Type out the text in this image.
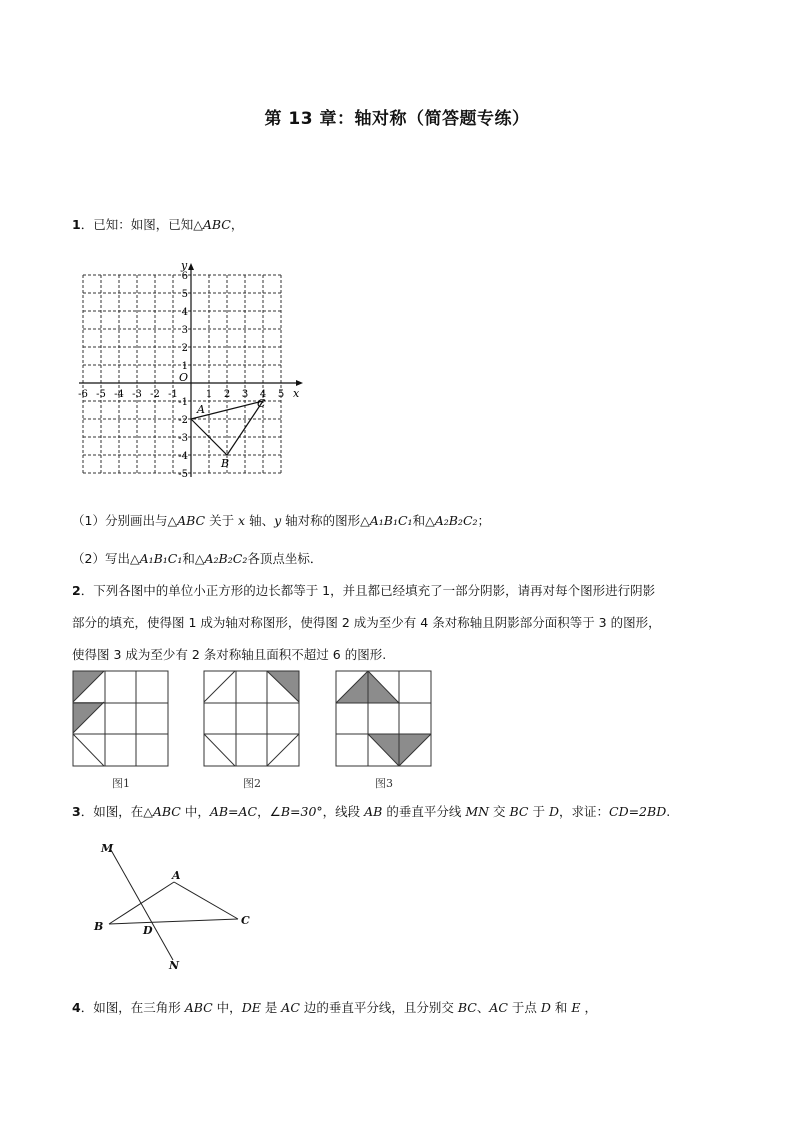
第 13 章：轴对称（简答题专练）
1．已知：如图，已知△ABC，
x
y
O
-6 -5 -4 -3 -2 -1	1 2 3 4 5
6
5
4
3
2
1
-1
-2
-3
-4
-5
A
B
C
（1）分别画出与△ABC 关于 x 轴、y 轴对称的图形△A₁B₁C₁和△A₂B₂C₂；
（2）写出△A₁B₁C₁和△A₂B₂C₂各顶点坐标．
2．下列各图中的单位小正方形的边长都等于 1，并且都已经填充了一部分阴影，请再对每个图形进行阴影
部分的填充，使得图 1 成为轴对称图形，使得图 2 成为至少有 4 条对称轴且阴影部分面积等于 3 的图形，
使得图 3 成为至少有 2 条对称轴且面积不超过 6 的图形.
图1	图2	图3
3．如图，在△ABC 中，AB=AC，∠B=30°，线段 AB 的垂直平分线 MN 交 BC 于 D，求证：CD=2BD.
M
A
B	C
D
N
4．如图，在三角形 ABC 中，DE 是 AC 边的垂直平分线，且分别交 BC、AC 于点 D 和 E ，
